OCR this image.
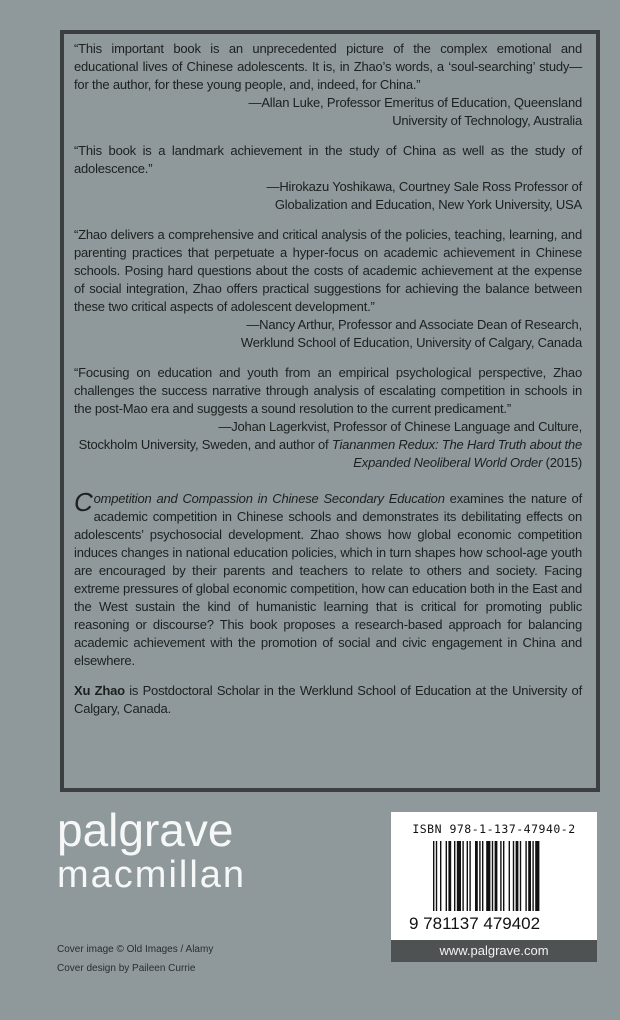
“This important book is an unprecedented picture of the complex emotional and educational lives of Chinese adolescents. It is, in Zhao’s words, a ‘soul-searching’ study—for the author, for these young people, and, indeed, for China.”

—Allan Luke, Professor Emeritus of Education, Queensland
University of Technology, Australia

“This book is a landmark achievement in the study of China as well as the study of adolescence.”

—Hirokazu Yoshikawa, Courtney Sale Ross Professor of
Globalization and Education, New York University, USA

“Zhao delivers a comprehensive and critical analysis of the policies, teaching, learning, and parenting practices that perpetuate a hyper-focus on academic achievement in Chinese schools. Posing hard questions about the costs of academic achievement at the expense of social integration, Zhao offers practical suggestions for achieving the balance between these two critical aspects of adolescent development.”

—Nancy Arthur, Professor and Associate Dean of Research,
Werklund School of Education, University of Calgary, Canada

“Focusing on education and youth from an empirical psychological perspective, Zhao challenges the success narrative through analysis of escalating competition in schools in the post-Mao era and suggests a sound resolution to the current predicament.”

—Johan Lagerkvist, Professor of Chinese Language and Culture,
Stockholm University, Sweden, and author of Tiananmen Redux: The Hard Truth about the Expanded Neoliberal World Order (2015)

Competition and Compassion in Chinese Secondary Education examines the nature of academic competition in Chinese schools and demonstrates its debilitating effects on adolescents’ psychosocial development. Zhao shows how global economic competition induces changes in national education policies, which in turn shapes how school-age youth are encouraged by their parents and teachers to relate to others and society. Facing extreme pressures of global economic competition, how can education both in the East and the West sustain the kind of humanistic learning that is critical for promoting public reasoning or discourse? This book proposes a research-based approach for balancing academic achievement with the promotion of social and civic engagement in China and elsewhere.

Xu Zhao is Postdoctoral Scholar in the Werklund School of Education at the University of Calgary, Canada.

palgrave
macmillan
Cover image © Old Images / Alamy
Cover design by Paileen Currie
ISBN 978-1-137-47940-2
9 781137 479402
www.palgrave.com
